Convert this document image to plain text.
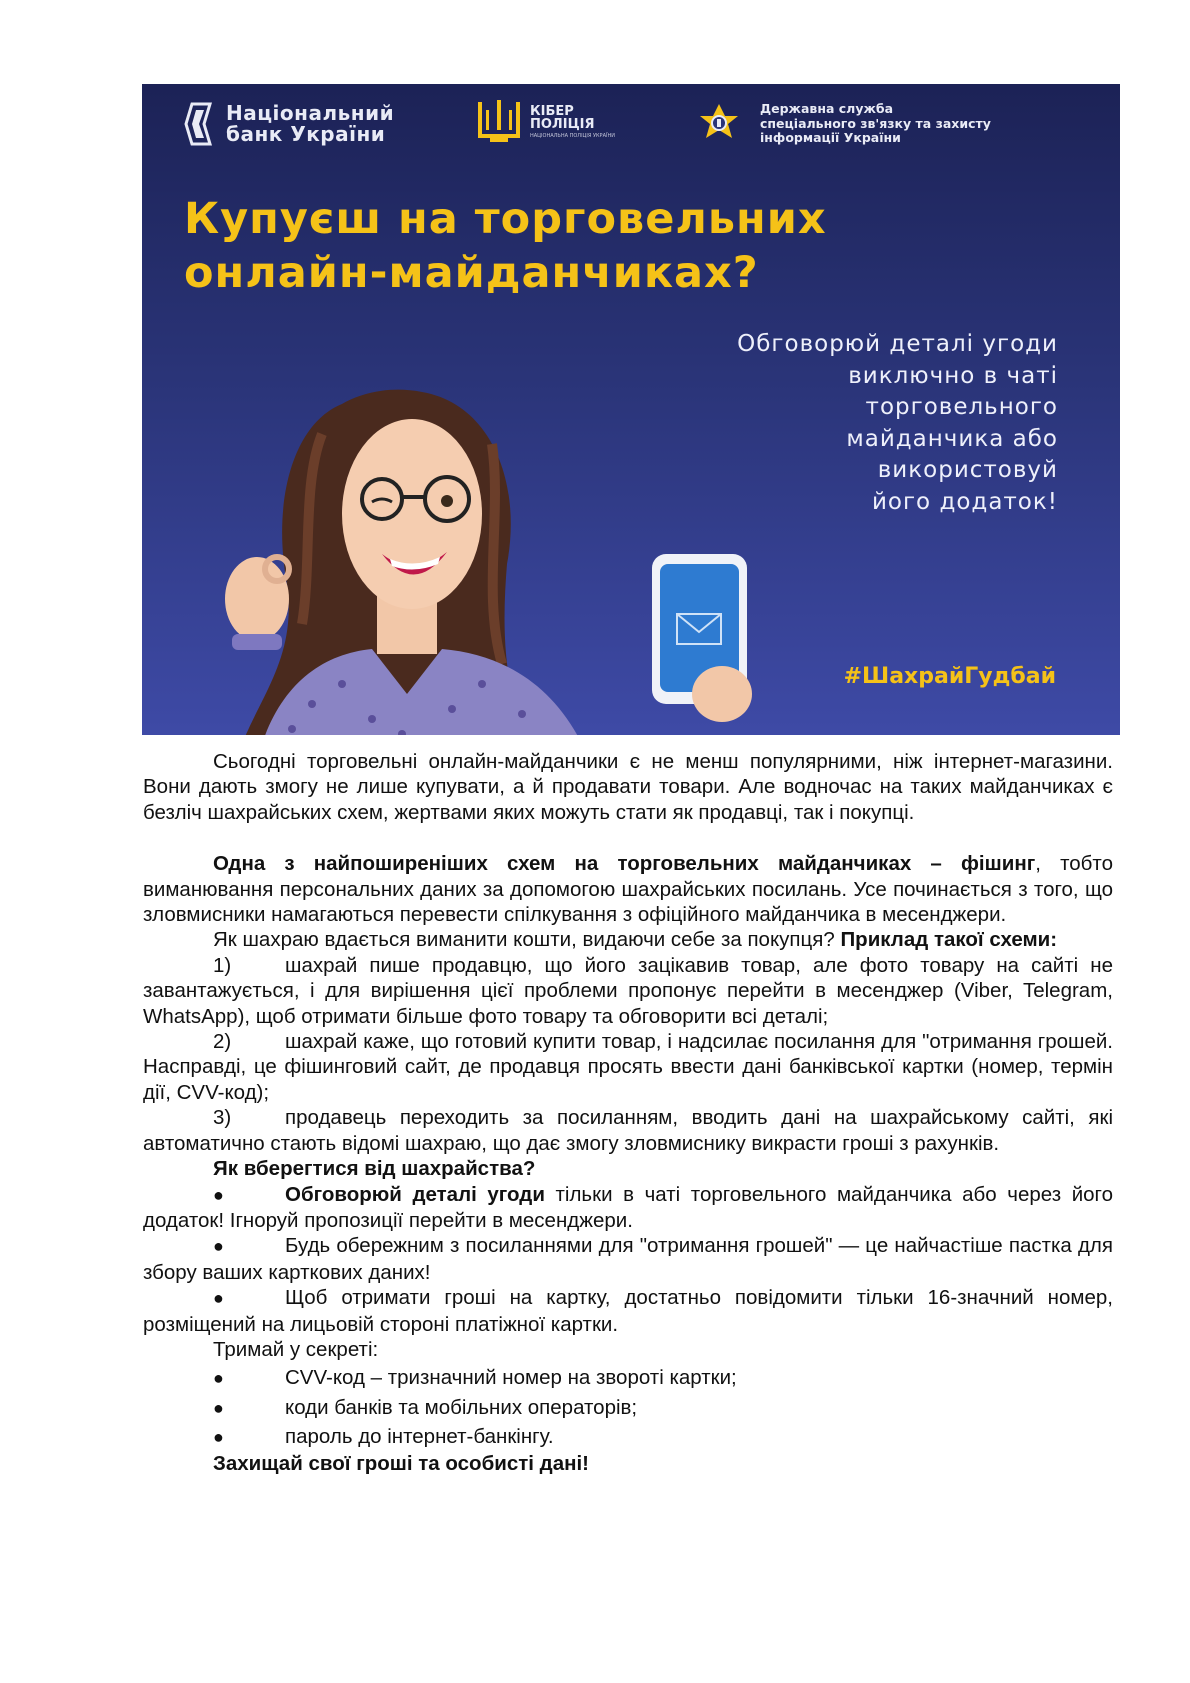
Національний
банк України
КІБЕР
ПОЛІЦІЯ
НАЦІОНАЛЬНА ПОЛІЦІЯ УКРАЇНИ
Державна служба
спеціального зв'язку та захисту
інформації України
Купуєш на торговельних
онлайн-майданчиках?
Обговорюй деталі угоди
виключно в чаті
торговельного
майданчика або
використовуй
його додаток!
#ШахрайГудбай

Сьогодні торговельні онлайн-майданчики є не менш популярними, ніж інтернет-магазини. Вони дають змогу не лише купувати, а й продавати товари. Але водночас на таких майданчиках є безліч шахрайських схем, жертвами яких можуть стати як продавці, так і покупці.

Одна з найпоширеніших схем на торговельних майданчиках – фішинг, тобто виманювання персональних даних за допомогою шахрайських посилань. Усе починається з того, що зловмисники намагаються перевести спілкування з офіційного майданчика в месенджери.

Як шахраю вдається виманити кошти, видаючи себе за покупця? Приклад такої схеми:

1)	шахрай пише продавцю, що його зацікавив товар, але фото товару на сайті не завантажується, і для вирішення цієї проблеми пропонує перейти в месенджер (Viber, Telegram, WhatsApp), щоб отримати більше фото товару та обговорити всі деталі;

2)	шахрай каже, що готовий купити товар, і надсилає посилання для "отримання грошей. Насправді, це фішинговий сайт, де продавця просять ввести дані банківської картки (номер, термін дії, CVV-код);

3)	продавець переходить за посиланням, вводить дані на шахрайському сайті, які автоматично стають відомі шахраю, що дає змогу зловмиснику викрасти гроші з рахунків.

Як вберегтися від шахрайства?

●	Обговорюй деталі угоди тільки в чаті торговельного майданчика або через його додаток! Ігноруй пропозиції перейти в месенджери.

●	Будь обережним з посиланнями для "отримання грошей" — це найчастіше пастка для збору ваших карткових даних!

●	Щоб отримати гроші на картку, достатньо повідомити тільки 16-значний номер, розміщений на лицьовій стороні платіжної картки.

Тримай у секреті:

●	CVV-код – тризначний номер на звороті картки;

●	коди банків та мобільних операторів;

●	пароль до інтернет-банкінгу.

Захищай свої гроші та особисті дані!
